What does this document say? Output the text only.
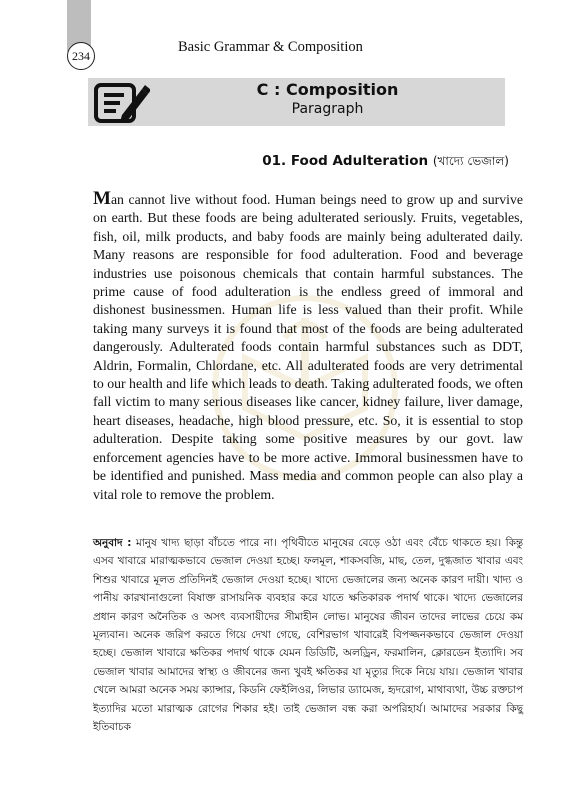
234
Basic Grammar & Composition
C : Composition
Paragraph
01. Food Adulteration (খাদ্যে ভেজাল)
Man cannot live without food. Human beings need to grow up and survive on earth. But these foods are being adulterated seriously. Fruits, vegetables, fish, oil, milk products, and baby foods are mainly being adulterated daily. Many reasons are responsible for food adulteration. Food and beverage industries use poisonous chemicals that contain harmful substances. The prime cause of food adulteration is the endless greed of immoral and dishonest businessmen. Human life is less valued than their profit. While taking many surveys it is found that most of the foods are being adulterated dangerously. Adulterated foods contain harmful substances such as DDT, Aldrin, Formalin, Chlordane, etc. All adulterated foods are very detrimental to our health and life which leads to death. Taking adulterated foods, we often fall victim to many serious diseases like cancer, kidney failure, liver damage, heart diseases, headache, high blood pressure, etc. So, it is essential to stop adulteration. Despite taking some positive measures by our govt. law enforcement agencies have to be more active. Immoral businessmen have to be identified and punished. Mass media and common people can also play a vital role to remove the problem.
অনুবাদ : মানুষ খাদ্য ছাড়া বাঁচতে পারে না। পৃথিবীতে মানুষের বেড়ে ওঠা এবং বেঁচে থাকতে হয়। কিন্তু এসব খাবারে মারাত্মকভাবে ভেজাল দেওয়া হচ্ছে। ফলমূল, শাকসবজি, মাছ, তেল, দুগ্ধজাত খাবার এবং শিশুর খাবারে মূলত প্রতিদিনই ভেজাল দেওয়া হচ্ছে। খাদ্যে ভেজালের জন্য অনেক কারণ দায়ী। খাদ্য ও পানীয় কারখানাগুলো বিষাক্ত রাসায়নিক ব্যবহার করে যাতে ক্ষতিকারক পদার্থ থাকে। খাদ্যে ভেজালের প্রধান কারণ অনৈতিক ও অসৎ ব্যবসায়ীদের সীমাহীন লোভ। মানুষের জীবন তাদের লাভের চেয়ে কম মূল্যবান। অনেক জরিপ করতে গিয়ে দেখা গেছে, বেশিরভাগ খাবারেই বিপজ্জনকভাবে ভেজাল দেওয়া হচ্ছে। ভেজাল খাবারে ক্ষতিকর পদার্থ থাকে যেমন ডিডিটি, অলড্রিন, ফরমালিন, ক্লোরডেন ইত্যাদি। সব ভেজাল খাবার আমাদের স্বাস্থ্য ও জীবনের জন্য খুবই ক্ষতিকর যা মৃত্যুর দিকে নিয়ে যায়। ভেজাল খাবার খেলে আমরা অনেক সময় ক্যান্সার, কিডনি ফেইলিওর, লিভার ড্যামেজ, হৃদরোগ, মাথাব্যথা, উচ্চ রক্তচাপ ইত্যাদির মতো মারাত্মক রোগের শিকার হই। তাই ভেজাল বন্ধ করা অপরিহার্য। আমাদের সরকার কিছু ইতিবাচক
